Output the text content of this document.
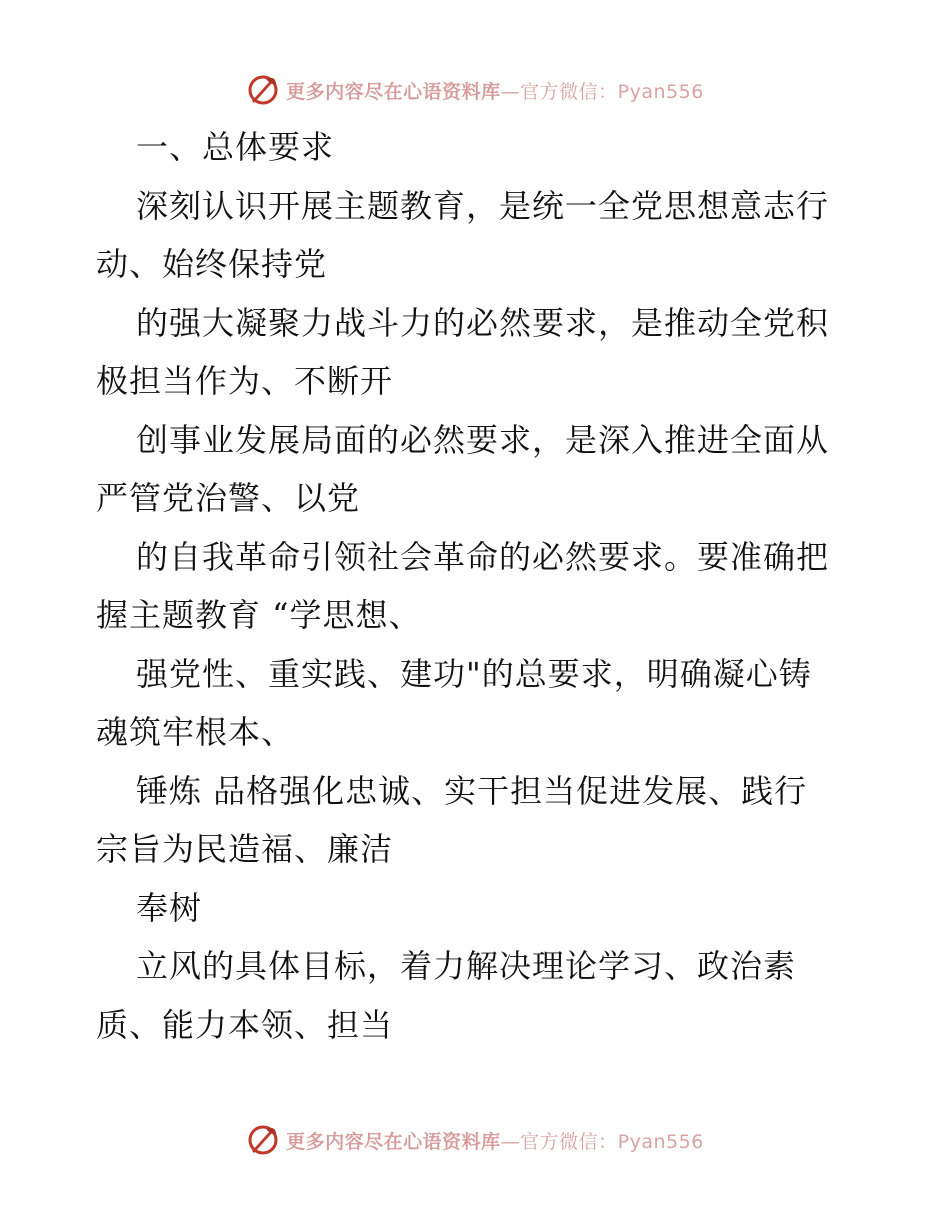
更多内容尽在心语资料库—官方微信：Pyan556
一、总体要求
深刻认识开展主题教育，是统一全党思想意志行
动、始终保持党
的强大凝聚力战斗力的必然要求，是推动全党积
极担当作为、不断开
创事业发展局面的必然要求，是深入推进全面从
严管党治警、以党
的自我革命引领社会革命的必然要求。要准确把
握主题教育 “学思想、
强党性、重实践、建功"的总要求，明确凝心铸
魂筑牢根本、
锤炼 品格强化忠诚、实干担当促进发展、践行
宗旨为民造福、廉洁
奉树
立风的具体目标，着力解决理论学习、政治素
质、能力本领、担当
更多内容尽在心语资料库—官方微信：Pyan556
